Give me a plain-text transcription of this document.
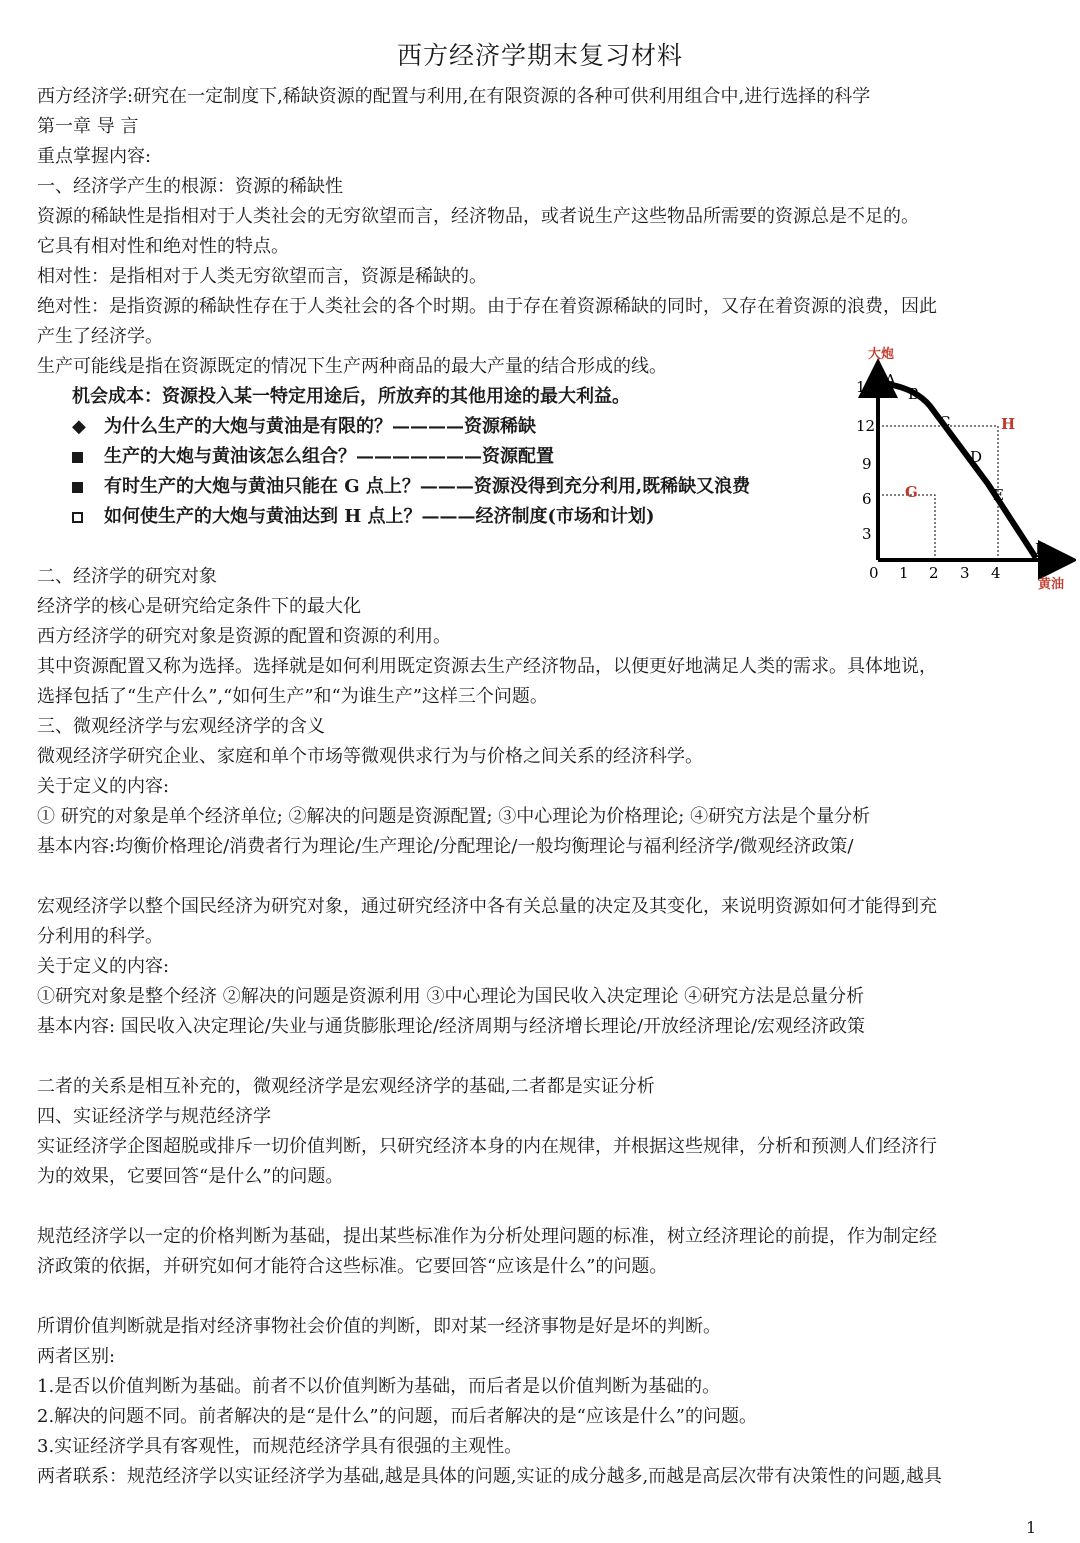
西方经济学期末复习材料

西方经济学:研究在一定制度下,稀缺资源的配置与利用,在有限资源的各种可供利用组合中,进行选择的科学

第一章 导 言

重点掌握内容:

一、经济学产生的根源：资源的稀缺性

资源的稀缺性是指相对于人类社会的无穷欲望而言，经济物品，或者说生产这些物品所需要的资源总是不足的。

它具有相对性和绝对性的特点。

相对性：是指相对于人类无穷欲望而言，资源是稀缺的。

绝对性：是指资源的稀缺性存在于人类社会的各个时期。由于存在着资源稀缺的同时，又存在着资源的浪费，因此

产生了经济学。

生产可能线是指在资源既定的情况下生产两种商品的最大产量的结合形成的线。

机会成本：资源投入某一特定用途后，所放弃的其他用途的最大利益。

◆	为什么生产的大炮与黄油是有限的？————资源稀缺
生产的大炮与黄油该怎么组合？———————资源配置
有时生产的大炮与黄油只能在 G 点上？———资源没得到充分利用,既稀缺又浪费
如何使生产的大炮与黄油达到 H 点上？———经济制度(市场和计划)

二、经济学的研究对象

经济学的核心是研究给定条件下的最大化

西方经济学的研究对象是资源的配置和资源的利用。

其中资源配置又称为选择。选择就是如何利用既定资源去生产经济物品，以便更好地满足人类的需求。具体地说，

选择包括了“生产什么”,“如何生产”和“为谁生产”这样三个问题。

三、微观经济学与宏观经济学的含义

微观经济学研究企业、家庭和单个市场等微观供求行为与价格之间关系的经济科学。

关于定义的内容:

① 研究的对象是单个经济单位; ②解决的问题是资源配置; ③中心理论为价格理论; ④研究方法是个量分析

基本内容:均衡价格理论/消费者行为理论/生产理论/分配理论/一般均衡理论与福利经济学/微观经济政策/

宏观经济学以整个国民经济为研究对象，通过研究经济中各有关总量的决定及其变化，来说明资源如何才能得到充

分利用的科学。

关于定义的内容:

①研究对象是整个经济 ②解决的问题是资源利用 ③中心理论为国民收入决定理论 ④研究方法是总量分析

基本内容: 国民收入决定理论/失业与通货膨胀理论/经济周期与经济增长理论/开放经济理论/宏观经济政策

二者的关系是相互补充的，微观经济学是宏观经济学的基础,二者都是实证分析

四、实证经济学与规范经济学

实证经济学企图超脱或排斥一切价值判断，只研究经济本身的内在规律，并根据这些规律，分析和预测人们经济行

为的效果，它要回答“是什么”的问题。

规范经济学以一定的价格判断为基础，提出某些标准作为分析处理问题的标准，树立经济理论的前提，作为制定经

济政策的依据，并研究如何才能符合这些标准。它要回答“应该是什么”的问题。

所谓价值判断就是指对经济事物社会价值的判断，即对某一经济事物是好是坏的判断。

两者区别:

1.是否以价值判断为基础。前者不以价值判断为基础，而后者是以价值判断为基础的。

2.解决的问题不同。前者解决的是“是什么”的问题，而后者解决的是“应该是什么”的问题。

3.实证经济学具有客观性，而规范经济学具有很强的主观性。

两者联系：规范经济学以实证经济学为基础,越是具体的问题,实证的成分越多,而越是高层次带有决策性的问题,越具

大炮
黄油
15
12
9
6
3
0 1 2 3 4
A
B
C
D
E
F
G
H
1
